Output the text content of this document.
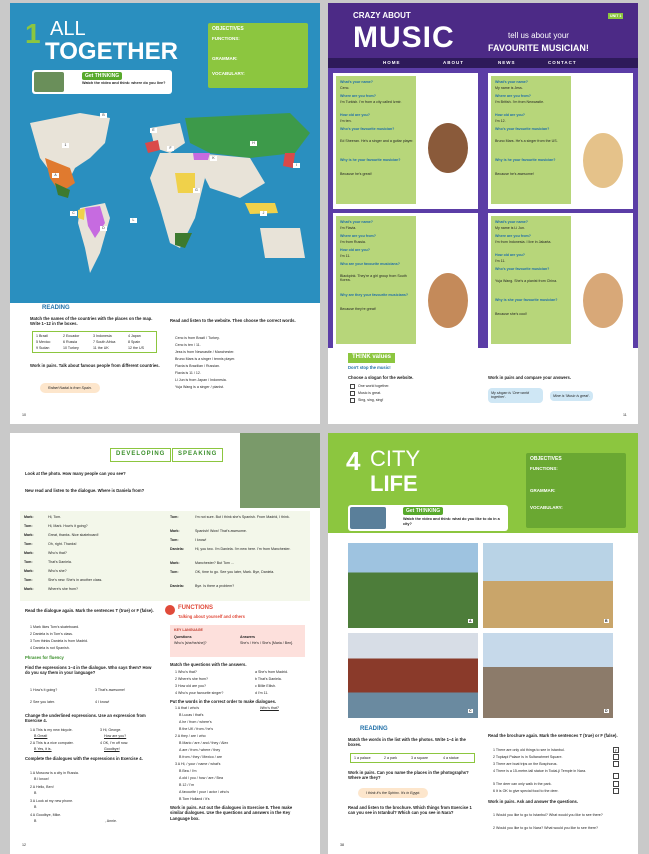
1
A
B
C
D
E
F
G
H
I
J
K
L
1 ALL
TOGETHER
OBJECTIVES
FUNCTIONS:
GRAMMAR:
VOCABULARY:
Get TH!NKING
Watch the video and think: where do you live?
READING
Match the names of the countries with the places on the map. Write 1–12 in the boxes.
1 Brazil	2 Ecuador	3 Indonesia	4 Japan
5 Mexico	6 Russia	7 South Africa	8 Spain
9 Sudan	10 Turkey	11 the UK	12 the US
Work in pairs. Talk about famous people from different countries.
Rafael Nadal is from Spain.
Read and listen to the website. Then choose the correct words.
Cenc is from Brazil / Turkey.
Cenc is ten / 11.
Jess is from Newcastle / Manchester.
Bruno Mars is a singer / tennis player.
Flavia is Brazilian / Russian.
Flavia is 11 / 12.
Li Jun is from Japan / Indonesia.
Yuja Wang is a singer / pianist.
10
CRAZY ABOUT
MUSIC	tell us about your
FAVOURITE MUSICIAN!
UNIT 1
HOME	ABOUT	NEWS	CONTACT
What's your name?
Cenc.
Where are you from?
I'm Turkish. I'm from a city called Izmir.
How old are you?
I'm ten.
Who's your favourite musician?
Ed Sheeran. He's a singer and a guitar player.
Why is he your favourite musician?
Because he's great!
What's your name?
My name is Jess.
Where are you from?
I'm British. I'm from Newcastle.
How old are you?
I'm 12.
Who's your favourite musician?
Bruno Mars. He's a singer from the US.
Why is he your favourite musician?
Because he's awesome!
What's your name?
I'm Flavia.
Where are you from?
I'm from Russia.
How old are you?
I'm 11.
Who are your favourite musicians?
Blackpink. They're a girl group from South Korea.
Why are they your favourite musicians?
Because they're great!
What's your name?
My name is Li Jun.
Where are you from?
I'm from Indonesia. I live in Jakarta.
How old are you?
I'm 11.
Who's your favourite musician?
Yuja Wang. She's a pianist from China.
Why is she your favourite musician?
Because she's cool!
TH!NK values
Don't stop the music!
Choose a slogan for the website.
One world together.
Music is great.
Sing, sing, sing!
Work in pairs and compare your answers.
My slogan is 'One world together'.	Mine is 'Music is great'.
11
DEVELOPING	SPEAKING
Look at the photo. How many people can you see?
New read and listen to the dialogue. Where is Daniela from?
Mark:	Hi, Tom.
Tom:	Hi, Mark. How's it going?
Mark:	Great, thanks. Nice skateboard!
Tom:	Oh, right. Thanks!
Mark:	Who's that?
Tom:	That's Daniela.
Mark:	Who's she?
Tom:	She's new. She's in another class.
Mark:	Where's she from?
Tom:	I'm not sure. But I think she's Spanish. From Madrid, I think.
Mark:	Spanish! Wow! That's awesome.
Tom:	I know!
Daniela:	Hi, you two. I'm Daniela. I'm new here. I'm from Manchester.
Mark:	Manchester? But Tom ...
Tom:	OK, time to go. See you later, Mark. Bye, Daniela.
Daniela:	Bye. Is there a problem?
Read the dialogue again. Mark the sentences T (true) or F (false).
1 Mark likes Tom's skateboard.
2 Daniela is in Tom's class.
3 Tom thinks Daniela is from Madrid.
4 Daniela is not Spanish.
Phrases for fluency
Find the expressions 1–4 in the dialogue. Who says them? How do you say them in your language?
1 How's it going?	3 That's awesome!
2 See you later.	4 I know!
Change the underlined expressions. Use an expression from Exercise 4.
1 A This is my new bicycle.
B Great!
2 A This is a nice computer.
B Yes, it is.
3 Hi, George.
How are you?
4 OK, I'm off now.
Goodbye!
Complete the dialogues with the expressions in Exercise 4.
1 A Moscow is a city in Russia.
B I know!
2 A Hello, Ben!
B
3 A Look at my new phone.
B
4 A Goodbye, Mike.
B	, Annie.
FUNCTIONS
Talking about yourself and others
KEY LANGUAGE
Questions	Answers
Who's [she/he/she]?	She's / He's / She's [Maria / Ben].
Match the questions with the answers.
1 Who's that?
2 Where's she from?
3 How old are you?
4 Who's your favourite singer?
a She's from Madrid.
b That's Daniela.
c Billie Eilish.
d I'm 11.
Put the words in the correct order to make dialogues.
Who's that?
1 A that / who's
B Lucas / that's
A he / from / where's
B the UK / from / he's
2 A they / are / who
B Mario / are / and / they / Alex
A are / from / where / they
B from / they / Mexico / are
3 A Hi, / your / name / what's
B Bea / I'm
A old / you / how / are / Bea
B 12 / I'm
A favourite / your / actor / who's
B Tom Holland / it's
Work in pairs. Act out the dialogues in Exercise 8. Then make similar dialogues. Use the questions and answers in the Key Language box.
12
4 CITY
LIFE
OBJECTIVES
FUNCTIONS:
GRAMMAR:
VOCABULARY:
Get TH!NKING
Watch the video and think: what do you like to do in a city?
A	B
C	D
READING
Match the words in the list with the photos. Write 1–4 in the boxes.
1 a palace	2 a park	3 a square	4 a statue
Work in pairs. Can you name the places in the photographs? Where are they?
I think it's the Sphinx. It's in Egypt.
Read and listen to the brochure. Which things from Exercise 1 can you see in Istanbul? Which can you see in Nara?
Read the brochure again. Mark the sentences T (true) or F (false).
1 There are only old things to see in Istanbul.	F
2 Topkapi Palace is in Sultanahmet Square.
3 There are boat trips on the Bosphorus.
4 There is a 15-metre-tall statue in Todai-ji Temple in Nara.
5 The deer can only walk in the park.
6 It is OK to give special food to the deer.
Work in pairs. Ask and answer the questions.
1 Would you like to go to Istanbul? What would you like to see there?
2 Would you like to go to Nara? What would you like to see there?
38
